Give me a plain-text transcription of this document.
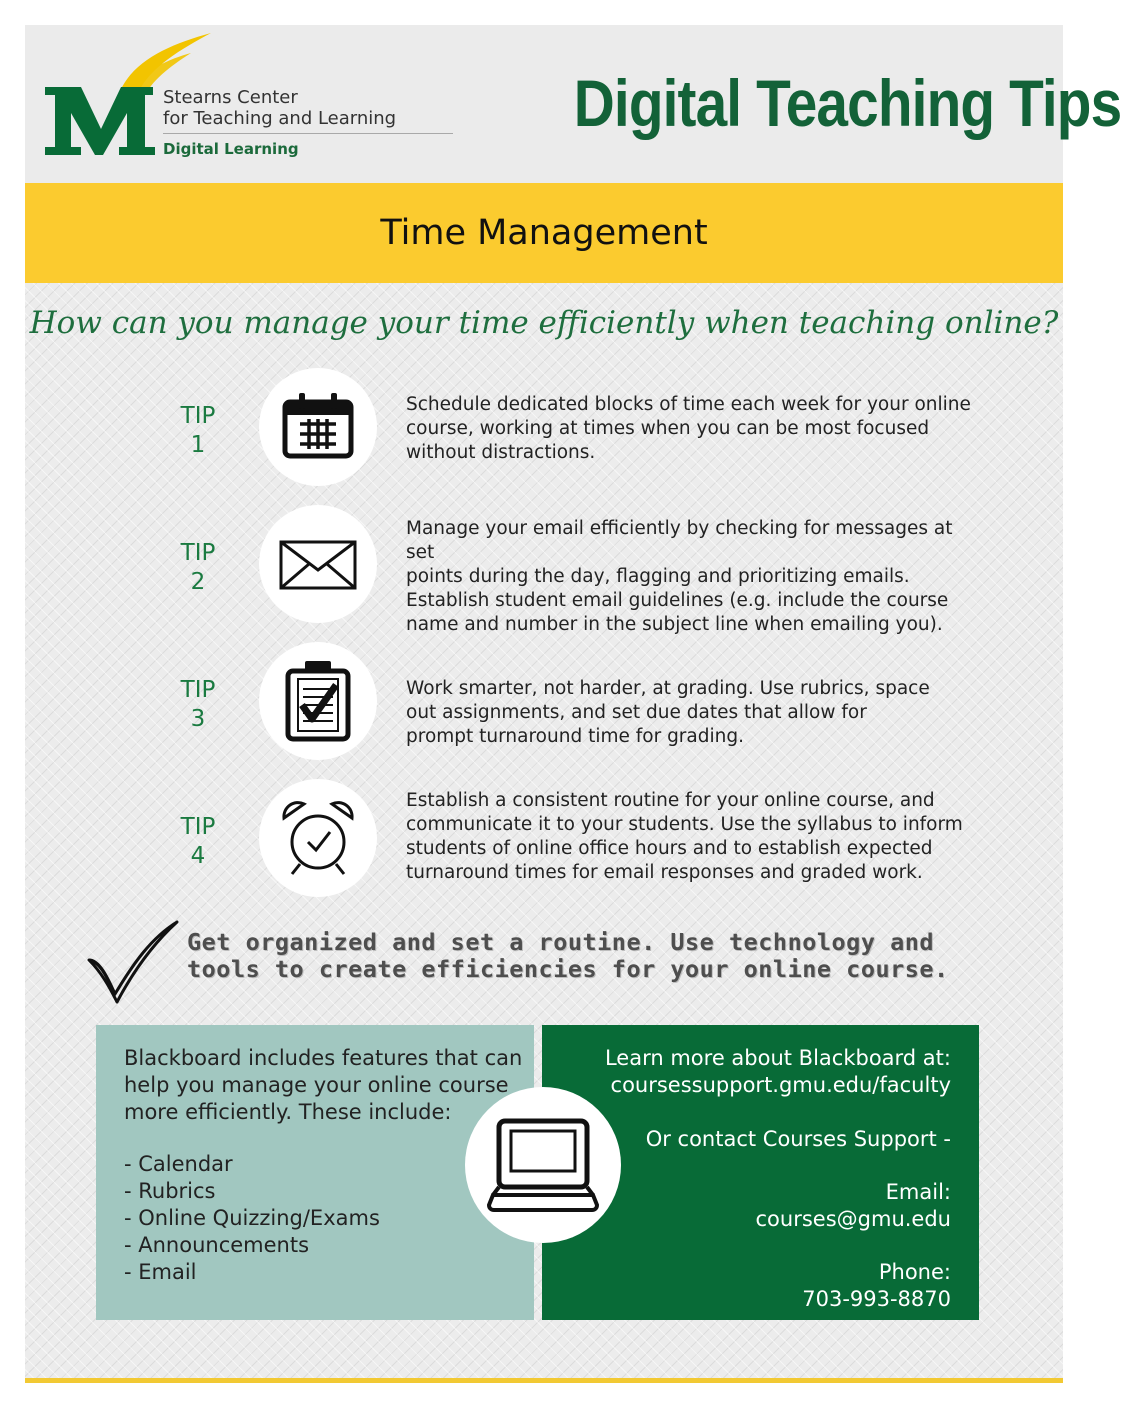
Stearns Center
for Teaching and Learning
Digital Learning
Digital Teaching Tips
Time Management
How can you manage your time efficiently when teaching online?
TIP
1
Schedule dedicated blocks of time each week for your online
course, working at times when you can be most focused
without distractions.
TIP
2
Manage your email efficiently by checking for messages at set
points during the day, flagging and prioritizing emails.
Establish student email guidelines (e.g. include the course
name and number in the subject line when emailing you).
TIP
3
Work smarter, not harder, at grading. Use rubrics, space
out assignments, and set due dates that allow for
prompt turnaround time for grading.
TIP
4
Establish a consistent routine for your online course, and
communicate it to your students. Use the syllabus to inform
students of online office hours and to establish expected
turnaround times for email responses and graded work.
Get organized and set a routine. Use technology and
tools to create efficiencies for your online course.
Blackboard includes features that can
help you manage your online course
more efficiently. These include:
- Calendar
- Rubrics
- Online Quizzing/Exams
- Announcements
- Email
Learn more about Blackboard at:
coursessupport.gmu.edu/faculty
Or contact Courses Support -
Email:
courses@gmu.edu
Phone:
703-993-8870
